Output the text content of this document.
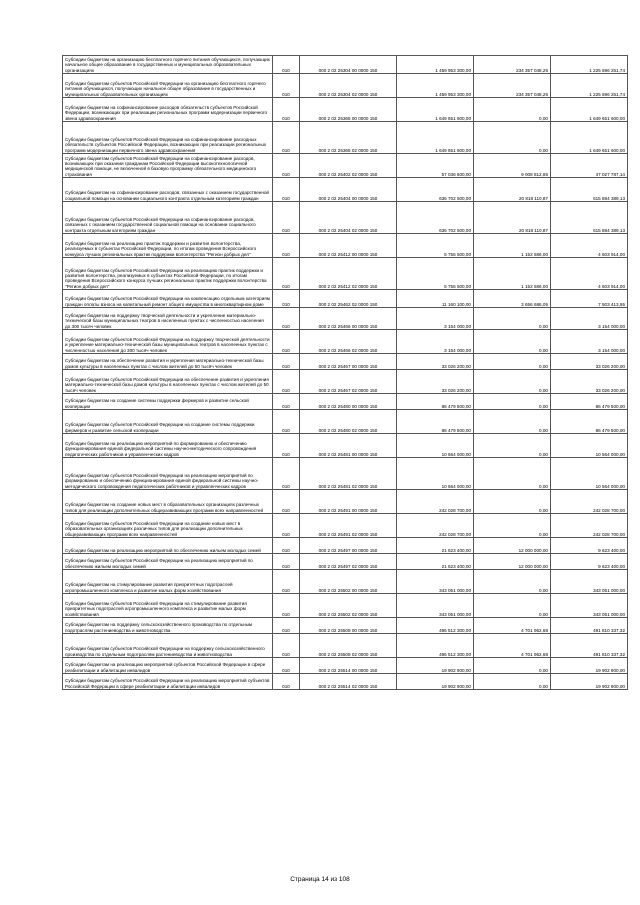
Субсидии бюджетам на организацию бесплатного горячего питания обучающихся, получающих начальное общее образование в государственных и муниципальных образовательных организациях	010	000 2 02 25304 00 0000 150	1 459 953 300,00	234 357 048,26	1 225 596 251,74
Субсидии бюджетам субъектов Российской Федерации на организацию бесплатного горячего питания обучающихся, получающих начальное общее образование в государственных и муниципальных образовательных организациях	010	000 2 02 25304 02 0000 150	1 459 953 300,00	234 357 048,26	1 225 596 251,74
Субсидии бюджетам на софинансирование расходов обязательств субъектов Российской Федерации, возникающих при реализации региональных программ модернизации первичного звена здравоохранения	010	000 2 02 25365 00 0000 150	1 649 651 600,00	0,00	1 649 651 600,00
Субсидии бюджетам субъектов Российской Федерации на софинансирование расходных обязательств субъектов Российской Федерации, возникающих при реализации региональных программ модернизации первичного звена здравоохранения	010	000 2 02 25365 02 0000 150	1 649 651 600,00	0,00	1 649 651 600,00
Субсидии бюджетам субъектов Российской Федерации на софинансирование расходов, возникающих при оказании гражданам Российской Федерации высокотехнологичной медицинской помощи, не включенной в базовую программу обязательного медицинского страхования	010	000 2 02 25402 02 0000 150	57 036 600,00	9 008 812,86	47 027 787,14
Субсидии бюджетам на софинансирование расходов, связанных с оказанием государственной социальной помощи на основании социального контракта отдельным категориям граждан	010	000 2 02 25404 00 0000 150	636 702 500,00	20 818 110,87	615 884 389,13
Субсидии бюджетам субъектов Российской Федерации на софинансирование расходов, связанных с оказанием государственной социальной помощи на основании социального контракта отдельным категориям граждан	010	000 2 02 25404 02 0000 150	636 702 500,00	20 818 110,87	615 884 389,13
Субсидии бюджетам на реализацию практик поддержки и развития волонтерства, реализуемых в субъектах Российской Федерации, по итогам проведения Всероссийского конкурса лучших региональных практик поддержки волонтерства "Регион добрых дел"	010	000 2 02 25412 00 0000 150	5 756 500,00	1 152 586,00	4 603 914,00
Субсидии бюджетам субъектов Российской Федерации на реализацию практик поддержки и развития волонтерства, реализуемых в субъектах Российской Федерации, по итогам проведения Всероссийского конкурса лучших региональных практик поддержки волонтерства "Регион добрых дел"	010	000 2 02 25412 02 0000 150	5 756 500,00	1 152 586,00	4 603 914,00
Субсидии бюджетам субъектов Российской Федерации на компенсацию отдельным категориям граждан оплаты взноса на капитальный ремонт общего имущества в многоквартирном доме	010	000 2 02 25462 02 0000 150	11 160 100,00	3 656 686,05	7 503 413,95
Субсидии бюджетам на поддержку творческой деятельности и укрепление материально-технической базы муниципальных театров в населенных пунктах с численностью населения до 300 тысяч человек	010	000 2 02 25466 00 0000 150	3 154 000,00	0,00	3 154 000,00
Субсидии бюджетам субъектов Российской Федерации на поддержку творческой деятельности и укрепление материально-технической базы муниципальных театров в населенных пунктах с численностью населения до 300 тысяч человек	010	000 2 02 25466 02 0000 150	3 154 000,00	0,00	3 154 000,00
Субсидии бюджетам на обеспечение развития и укрепления материально-технической базы домов культуры в населенных пунктах с числом жителей до 50 тысяч человек	010	000 2 02 25467 00 0000 150	33 026 200,00	0,00	33 026 200,00
Субсидии бюджетам субъектов Российской Федерации на обеспечение развития и укрепления материально-технической базы домов культуры в населенных пунктах с числом жителей до 50 тысяч человек	010	000 2 02 25467 02 0000 150	33 026 200,00	0,00	33 026 200,00
Субсидии бюджетам на создание системы поддержки фермеров и развитие сельской кооперации	010	000 2 02 25480 00 0000 150	86 479 500,00	0,00	86 479 500,00
Субсидии бюджетам субъектов Российской Федерации на создание системы поддержки фермеров и развитие сельской кооперации	010	000 2 02 25480 02 0000 150	86 479 500,00	0,00	86 479 500,00
Субсидии бюджетам на реализацию мероприятий по формированию и обеспечению функционирования единой федеральной системы научно-методического сопровождения педагогических работников и управленческих кадров	010	000 2 02 25481 00 0000 150	10 564 000,00	0,00	10 564 000,00
Субсидии бюджетам субъектов Российской Федерации на реализацию мероприятий по формированию и обеспечению функционирования единой федеральной системы научно-методического сопровождения педагогических работников и управленческих кадров	010	000 2 02 25481 02 0000 150	10 564 000,00	0,00	10 564 000,00
Субсидии бюджетам на создание новых мест в образовательных организациях различных типов для реализации дополнительных общеразвивающих программ всех направленностей	010	000 2 02 25491 00 0000 150	242 028 700,00	0,00	242 028 700,00
Субсидии бюджетам субъектов Российской Федерации на создание новых мест в образовательных организациях различных типов для реализации дополнительных общеразвивающих программ всех направленностей	010	000 2 02 25491 02 0000 150	242 028 700,00	0,00	242 028 700,00
Субсидии бюджетам на реализацию мероприятий по обеспечению жильем молодых семей	010	000 2 02 25497 00 0000 150	21 623 400,00	12 000 000,00	9 623 400,00
Субсидии бюджетам субъектов Российской Федерации на реализацию мероприятий по обеспечению жильем молодых семей	010	000 2 02 25497 02 0000 150	21 623 400,00	12 000 000,00	9 623 400,00
Субсидии бюджетам на стимулирование развития приоритетных подотраслей агропромышленного комплекса и развитие малых форм хозяйствования	010	000 2 02 25502 00 0000 150	343 051 000,00	0,00	343 051 000,00
Субсидии бюджетам субъектов Российской Федерации на стимулирование развития приоритетных подотраслей агропромышленного комплекса и развитие малых форм хозяйствования	010	000 2 02 25502 02 0000 150	343 051 000,00	0,00	343 051 000,00
Субсидии бюджетам на поддержку сельскохозяйственного производства по отдельным подотраслям растениеводства и животноводства	010	000 2 02 25508 00 0000 150	496 512 300,00	4 701 962,68	491 810 337,32
Субсидии бюджетам субъектов Российской Федерации на поддержку сельскохозяйственного производства по отдельным подотраслям растениеводства и животноводства	010	000 2 02 25508 02 0000 150	496 512 300,00	4 701 962,68	491 810 337,32
Субсидии бюджетам на реализацию мероприятий субъектов Российской Федерации в сфере реабилитации и абилитации инвалидов	010	000 2 02 25514 00 0000 150	19 902 900,00	0,00	19 902 900,00
Субсидии бюджетам субъектов Российской Федерации на реализацию мероприятий субъектов Российской Федерации в сфере реабилитации и абилитации инвалидов	010	000 2 02 25514 02 0000 150	19 902 900,00	0,00	19 902 900,00
Страница 14 из 108
